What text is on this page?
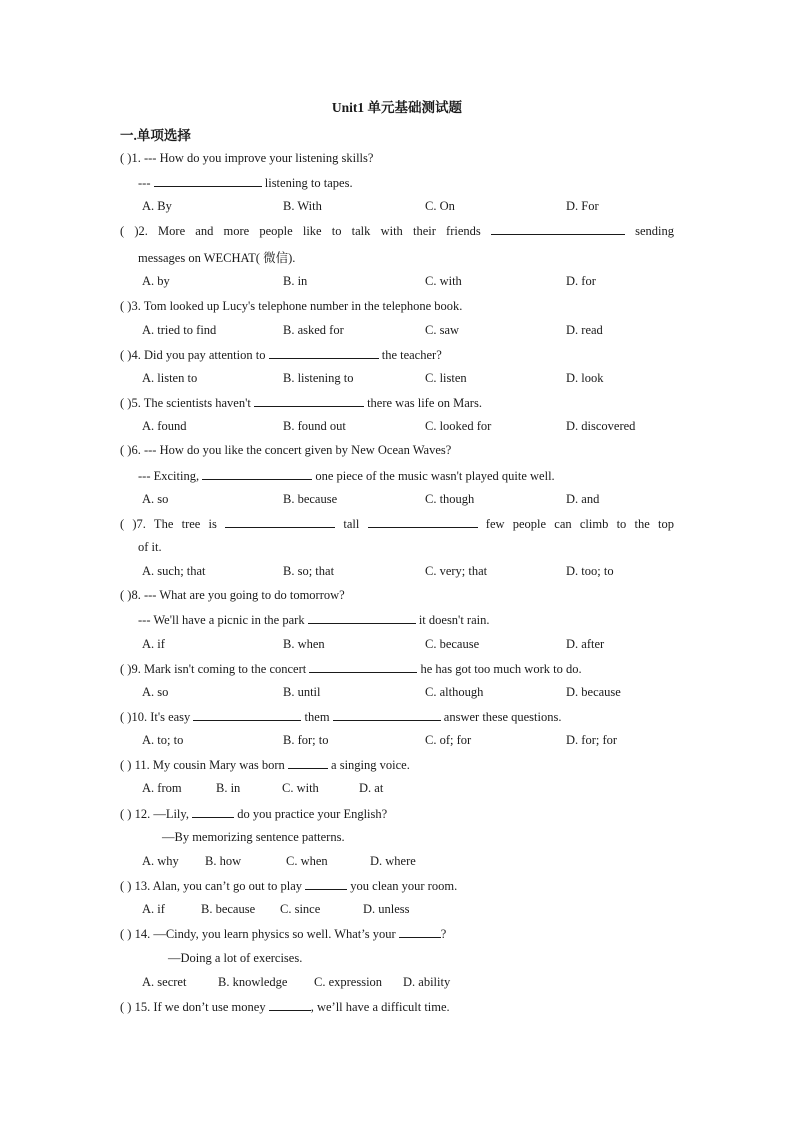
Unit1 单元基础测试题
一.单项选择
( )1. --- How do you improve your listening skills?
---	listening to tapes.
A. By	B. With	C. On	D. For
( )2. More and more people like to talk with their friends	sending
messages on WECHAT( 微信).
A. by	B. in	C. with	D. for
( )3. Tom looked up Lucy's telephone number in the telephone book.
A. tried to find	B. asked for	C. saw	D. read
( )4. Did you pay attention to	the teacher?
A. listen to	B. listening to	C. listen	D. look
( )5. The scientists haven't	there was life on Mars.
A. found	B. found out	C. looked for	D. discovered
( )6. --- How do you like the concert given by New Ocean Waves?
--- Exciting,	one piece of the music wasn't played quite well.
A. so	B. because	C. though	D. and
( )7. The tree is	tall	few people can climb to the top
of it.
A. such; that	B. so; that	C. very; that	D. too; to
( )8. --- What are you going to do tomorrow?
--- We'll have a picnic in the park	it doesn't rain.
A. if	B. when	C. because	D. after
( )9. Mark isn't coming to the concert	he has got too much work to do.
A. so	B. until	C. although	D. because
( )10. It's easy	them	answer these questions.
A. to; to	B. for; to	C. of; for	D. for; for
( ) 11. My cousin Mary was born	a singing voice.
A. from	B. in	C. with	D. at
( ) 12. —Lily,	do you practice your English?
—By memorizing sentence patterns.
A. why B. how	C. when	D. where
( ) 13. Alan, you can’t go out to play	you clean your room.
A. if	B. because C. since	D. unless
( ) 14. —Cindy, you learn physics so well. What’s your	?
—Doing a lot of exercises.
A. secret	B. knowledge C. expression D. ability
( ) 15. If we don’t use money	, we’ll have a difficult time.
